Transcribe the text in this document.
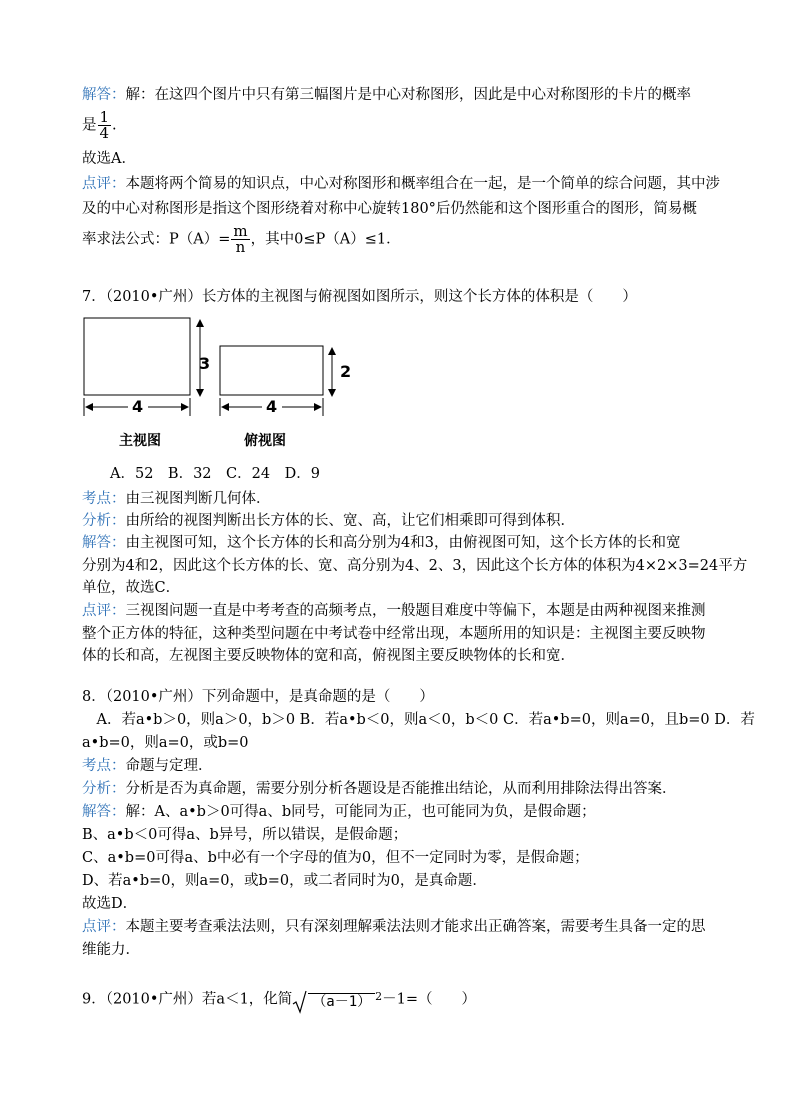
解答：解：在这四个图片中只有第三幅图片是中心对称图形，因此是中心对称图形的卡片的概率
是 $\frac{1}{4}$ .
故选A．
点评：本题将两个简易的知识点，中心对称图形和概率组合在一起，是一个简单的综合问题，其中涉
及的中心对称图形是指这个图形绕着对称中心旋转180°后仍然能和这个图形重合的图形，简易概
率求法公式：$P(A)= \frac{m}{n}$ ，其中0≤P（A）≤1．
7．（2010•广州）长方体的主视图与俯视图如图所示，则这个长方体的体积是（　　）
3
4
2
4
主视图	俯视图
A．52　B．32　C．24　D．9
考点：由三视图判断几何体．
分析：由所给的视图判断出长方体的长、宽、高，让它们相乘即可得到体积．
解答：由主视图可知，这个长方体的长和高分别为4和3，由俯视图可知，这个长方体的长和宽
分别为4和2，因此这个长方体的长、宽、高分别为4、2、3，因此这个长方体的体积为4×2×3=24平方
单位，故选C．
点评：三视图问题一直是中考考查的高频考点，一般题目难度中等偏下，本题是由两种视图来推测
整个正方体的特征，这种类型问题在中考试卷中经常出现，本题所用的知识是：主视图主要反映物
体的长和高，左视图主要反映物体的宽和高，俯视图主要反映物体的长和宽．
8．（2010•广州）下列命题中，是真命题的是（　　）
　A．若a•b＞0，则a＞0，b＞0 B．若a•b＜0，则a＜0，b＜0 C．若a•b=0，则a=0，且b=0 D．若
a•b=0，则a=0，或b=0
考点：命题与定理．
分析：分析是否为真命题，需要分别分析各题设是否能推出结论，从而利用排除法得出答案．
解答：解：A、a•b＞0可得a、b同号，可能同为正，也可能同为负，是假命题；
B、a•b＜0可得a、b异号，所以错误，是假命题；
C、a•b=0可得a、b中必有一个字母的值为0，但不一定同时为零，是假命题；
D、若a•b=0，则a=0，或b=0，或二者同时为0，是真命题．
故选D．
点评：本题主要考查乘法法则，只有深刻理解乘法法则才能求出正确答案，需要考生具备一定的思
维能力．
9．（2010•广州）若a＜1，化简 （a－1） $^2$－1=（　　）
